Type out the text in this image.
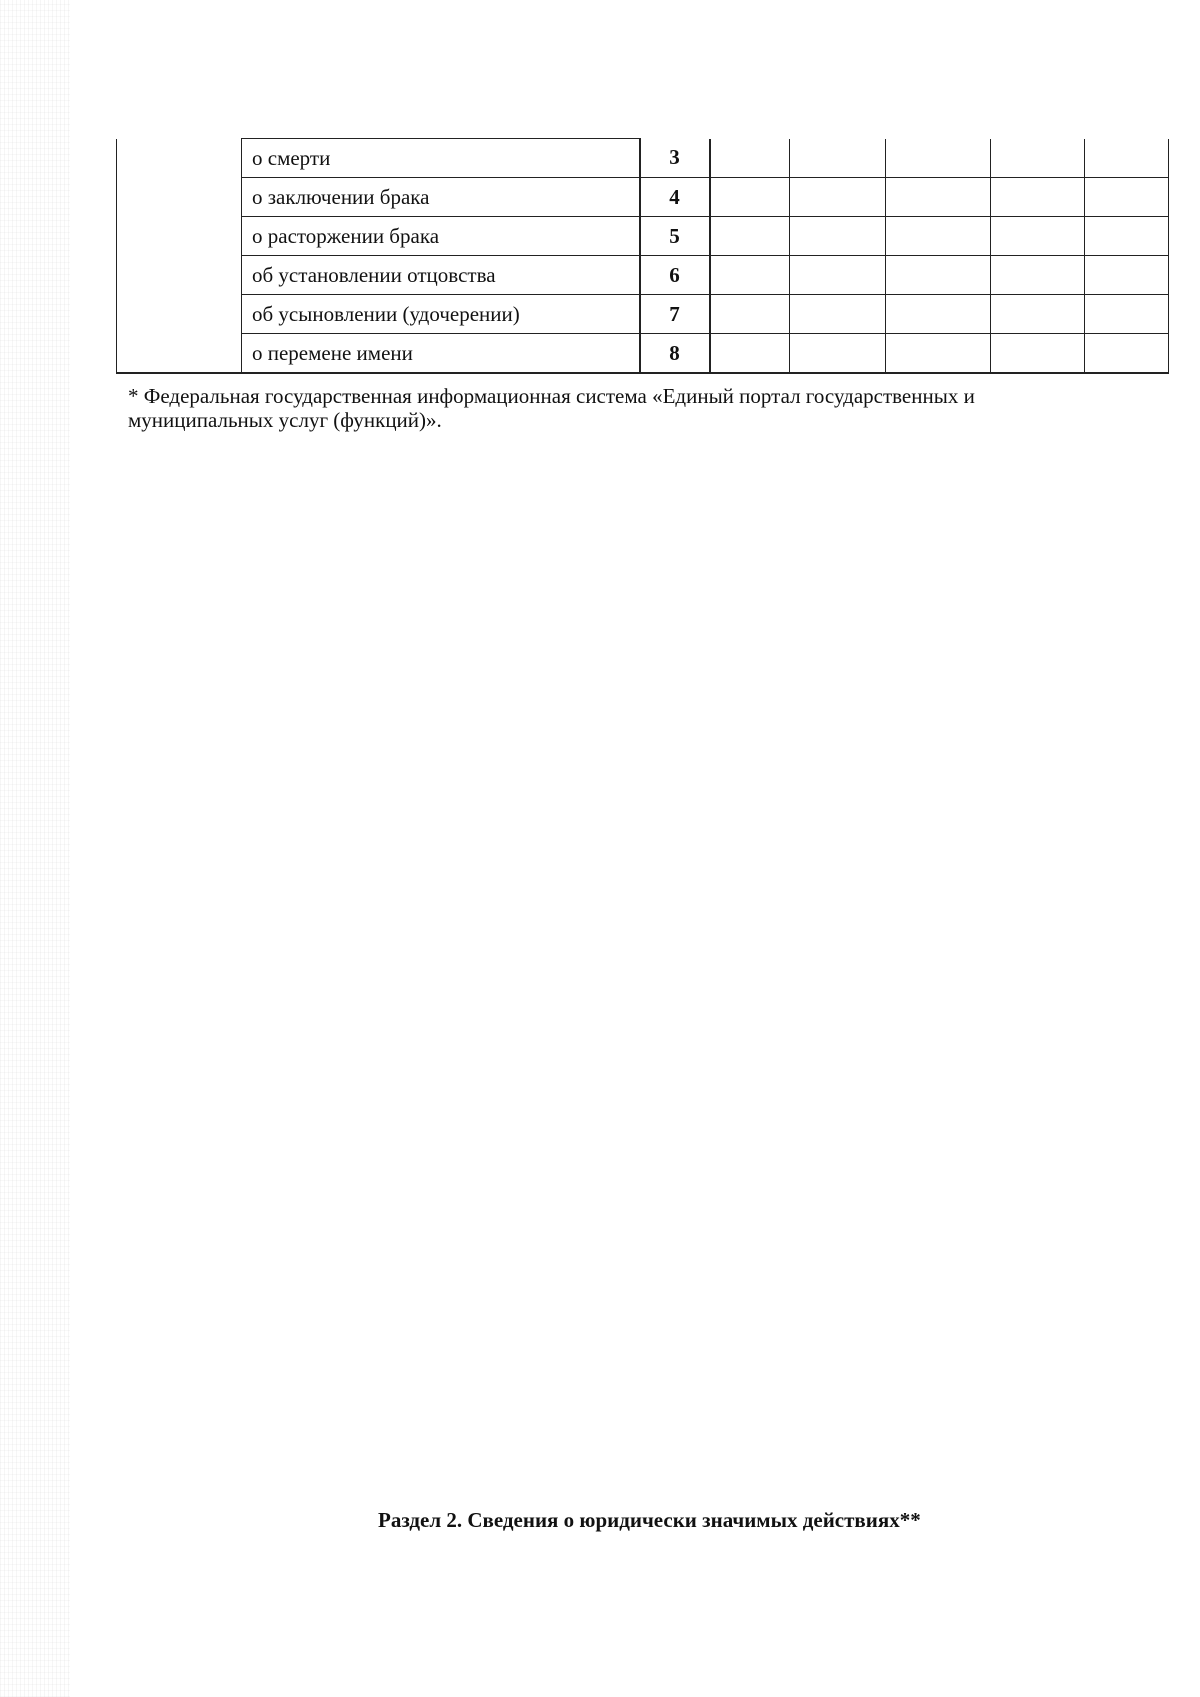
	о смерти	3					
	о заключении брака	4					
	о расторжении брака	5					
	об установлении отцовства	6					
	об усыновлении (удочерении)	7					
	о перемене имени	8					
* Федеральная государственная информационная система «Единый портал государственных и
муниципальных услуг (функций)».
Раздел 2. Сведения о юридически значимых действиях**
